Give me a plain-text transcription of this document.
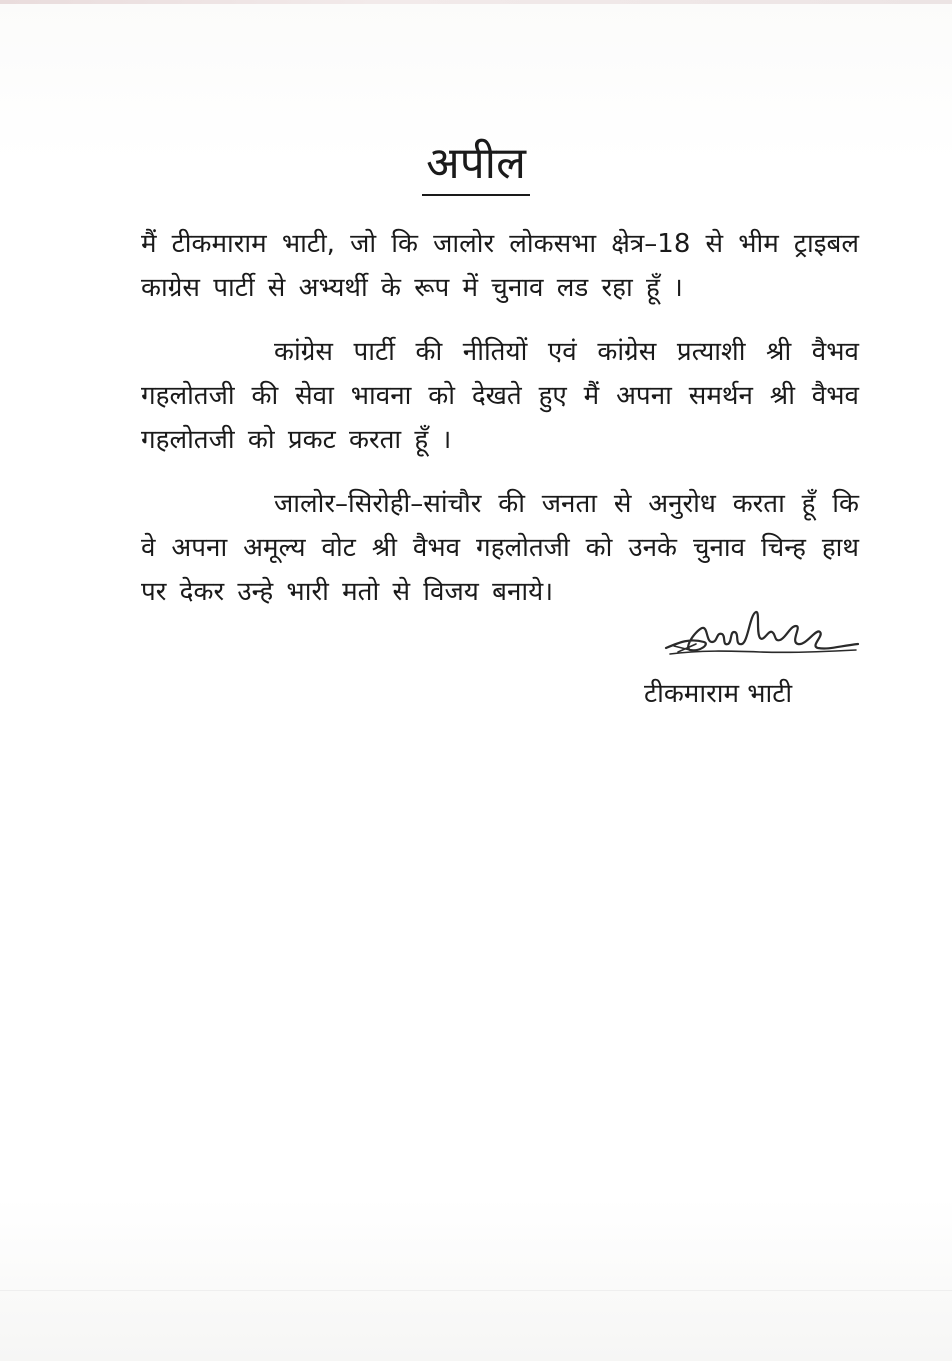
अपील

मैं टीकमाराम भाटी, जो कि जालोर लोकसभा क्षेत्र–18 से भीम ट्राइबल काग्रेस पार्टी से अभ्यर्थी के रूप में चुनाव लड रहा हूँ ।

कांग्रेस पार्टी की नीतियों एवं कांग्रेस प्रत्याशी श्री वैभव गहलोतजी की सेवा भावना को देखते हुए मैं अपना समर्थन श्री वैभव गहलोतजी को प्रकट करता हूँ ।

जालोर–सिरोही–सांचौर की जनता से अनुरोध करता हूँ कि वे अपना अमूल्य वोट श्री वैभव गहलोतजी को उनके चुनाव चिन्ह हाथ पर देकर उन्हे भारी मतो से विजय बनाये।

टीकमाराम भाटी
